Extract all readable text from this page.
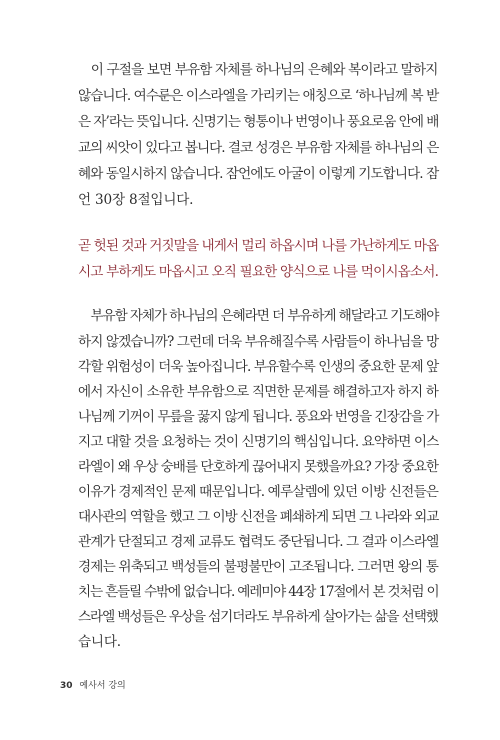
　이 구절을 보면 부유함 자체를 하나님의 은혜와 복이라고 말하지
않습니다. 여수룬은 이스라엘을 가리키는 애칭으로 ‘하나님께 복 받
은 자’라는 뜻입니다. 신명기는 형통이나 번영이나 풍요로움 안에 배
교의 씨앗이 있다고 봅니다. 결코 성경은 부유함 자체를 하나님의 은
혜와 동일시하지 않습니다. 잠언에도 아굴이 이렇게 기도합니다. 잠
언 30장 8절입니다.
곧 헛된 것과 거짓말을 내게서 멀리 하옵시며 나를 가난하게도 마옵
시고 부하게도 마옵시고 오직 필요한 양식으로 나를 먹이시옵소서.
　부유함 자체가 하나님의 은혜라면 더 부유하게 해달라고 기도해야
하지 않겠습니까? 그런데 더욱 부유해질수록 사람들이 하나님을 망
각할 위험성이 더욱 높아집니다. 부유할수록 인생의 중요한 문제 앞
에서 자신이 소유한 부유함으로 직면한 문제를 해결하고자 하지 하
나님께 기꺼이 무릎을 꿇지 않게 됩니다. 풍요와 번영을 긴장감을 가
지고 대할 것을 요청하는 것이 신명기의 핵심입니다. 요약하면 이스
라엘이 왜 우상 숭배를 단호하게 끊어내지 못했을까요? 가장 중요한
이유가 경제적인 문제 때문입니다. 예루살렘에 있던 이방 신전들은
대사관의 역할을 했고 그 이방 신전을 폐쇄하게 되면 그 나라와 외교
관계가 단절되고 경제 교류도 협력도 중단됩니다. 그 결과 이스라엘
경제는 위축되고 백성들의 불평불만이 고조됩니다. 그러면 왕의 통
치는 흔들릴 수밖에 없습니다. 예레미야 44장 17절에서 본 것처럼 이
스라엘 백성들은 우상을 섬기더라도 부유하게 살아가는 삶을 선택했
습니다.
30 예사서 강의
